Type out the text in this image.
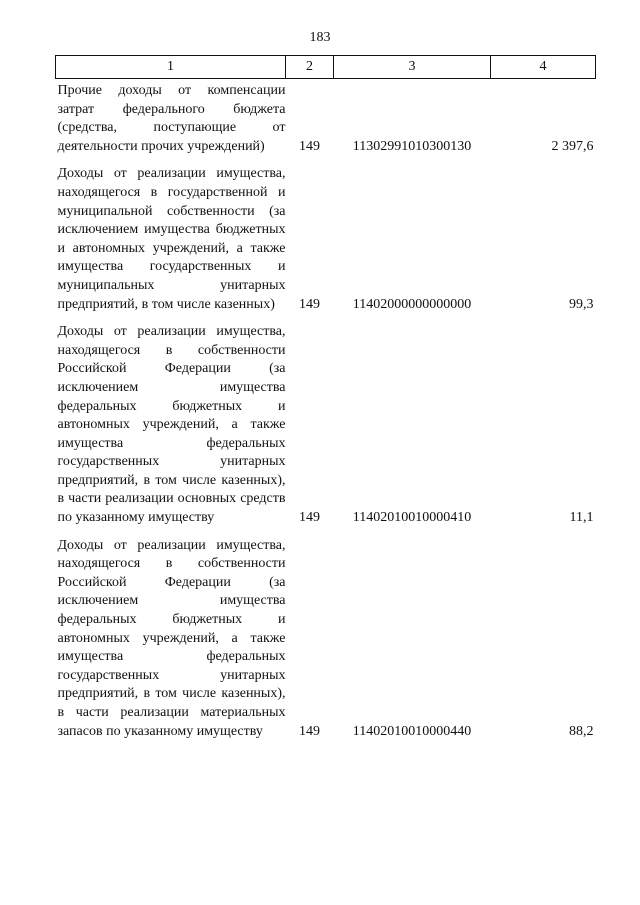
183
1	2	3	4

Прочие доходы от компенсации затрат федерального бюджета (средства, поступающие от деятельности прочих учреждений)	149	11302991010300130	2 397,6

Доходы от реализации имущества, находящегося в государственной и муниципальной собственности (за исключением имущества бюджетных и автономных учреждений, а также имущества государственных и муниципальных унитарных предприятий, в том числе казенных)	149	11402000000000000	99,3

Доходы от реализации имущества, находящегося в собственности Российской Федерации (за исключением имущества федеральных бюджетных и автономных учреждений, а также имущества федеральных государственных унитарных предприятий, в том числе казенных), в части реализации основных средств по указанному имуществу	149	11402010010000410	11,1

Доходы от реализации имущества, находящегося в собственности Российской Федерации (за исключением имущества федеральных бюджетных и автономных учреждений, а также имущества федеральных государственных унитарных предприятий, в том числе казенных), в части реализации материальных запасов по указанному имуществу	149	11402010010000440	88,2
